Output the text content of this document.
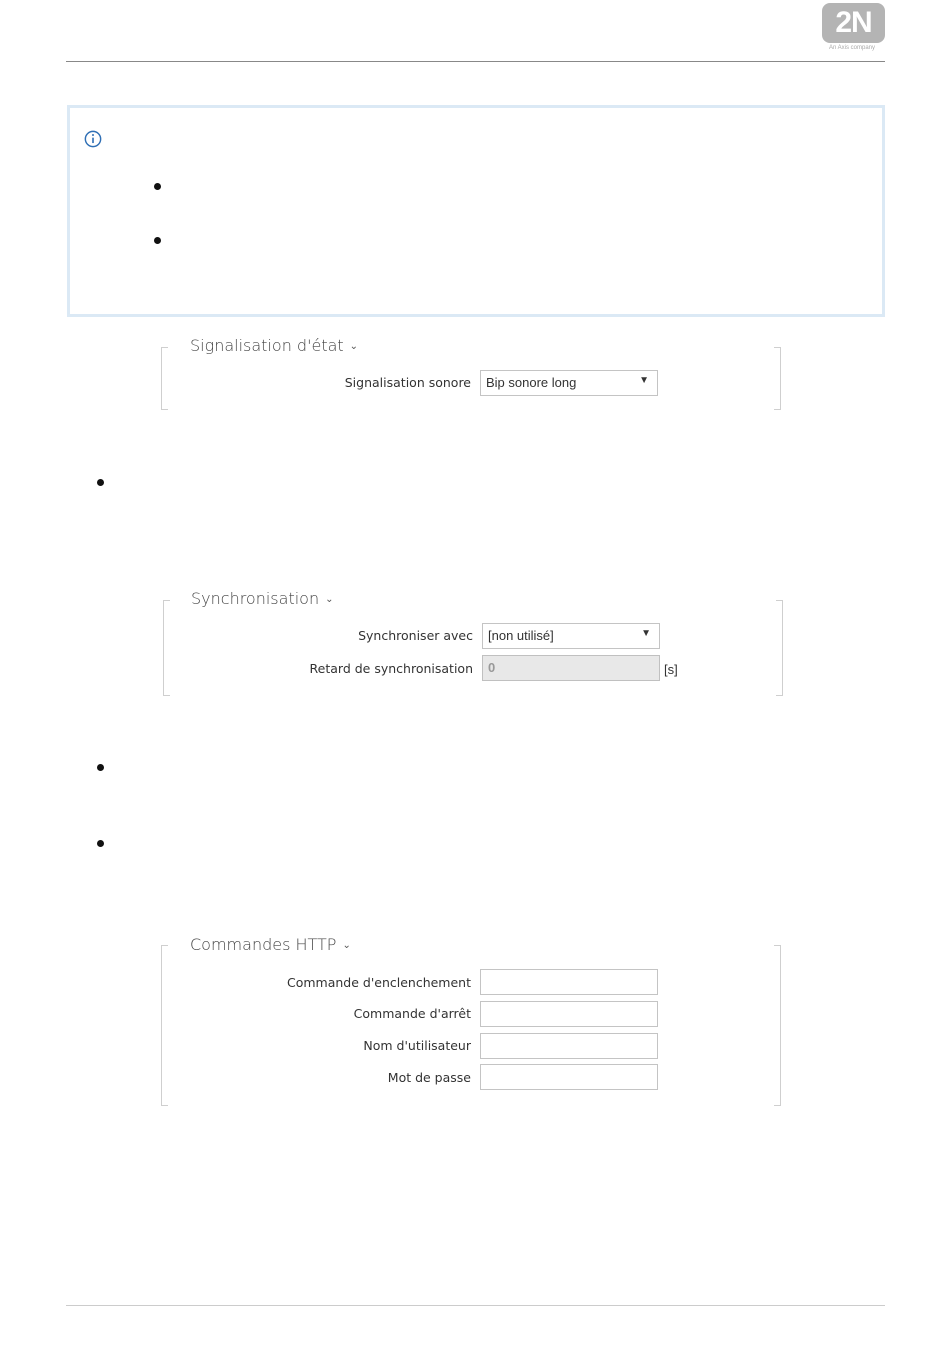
2N
An Axis company
Signalisation d'état ⌄
Signalisation sonore	Bip sonore long	▼
Synchronisation ⌄
Synchroniser avec	[non utilisé]	▼
Retard de synchronisation	0	[s]
Commandes HTTP ⌄
Commande d'enclenchement
Commande d'arrêt
Nom d'utilisateur
Mot de passe
